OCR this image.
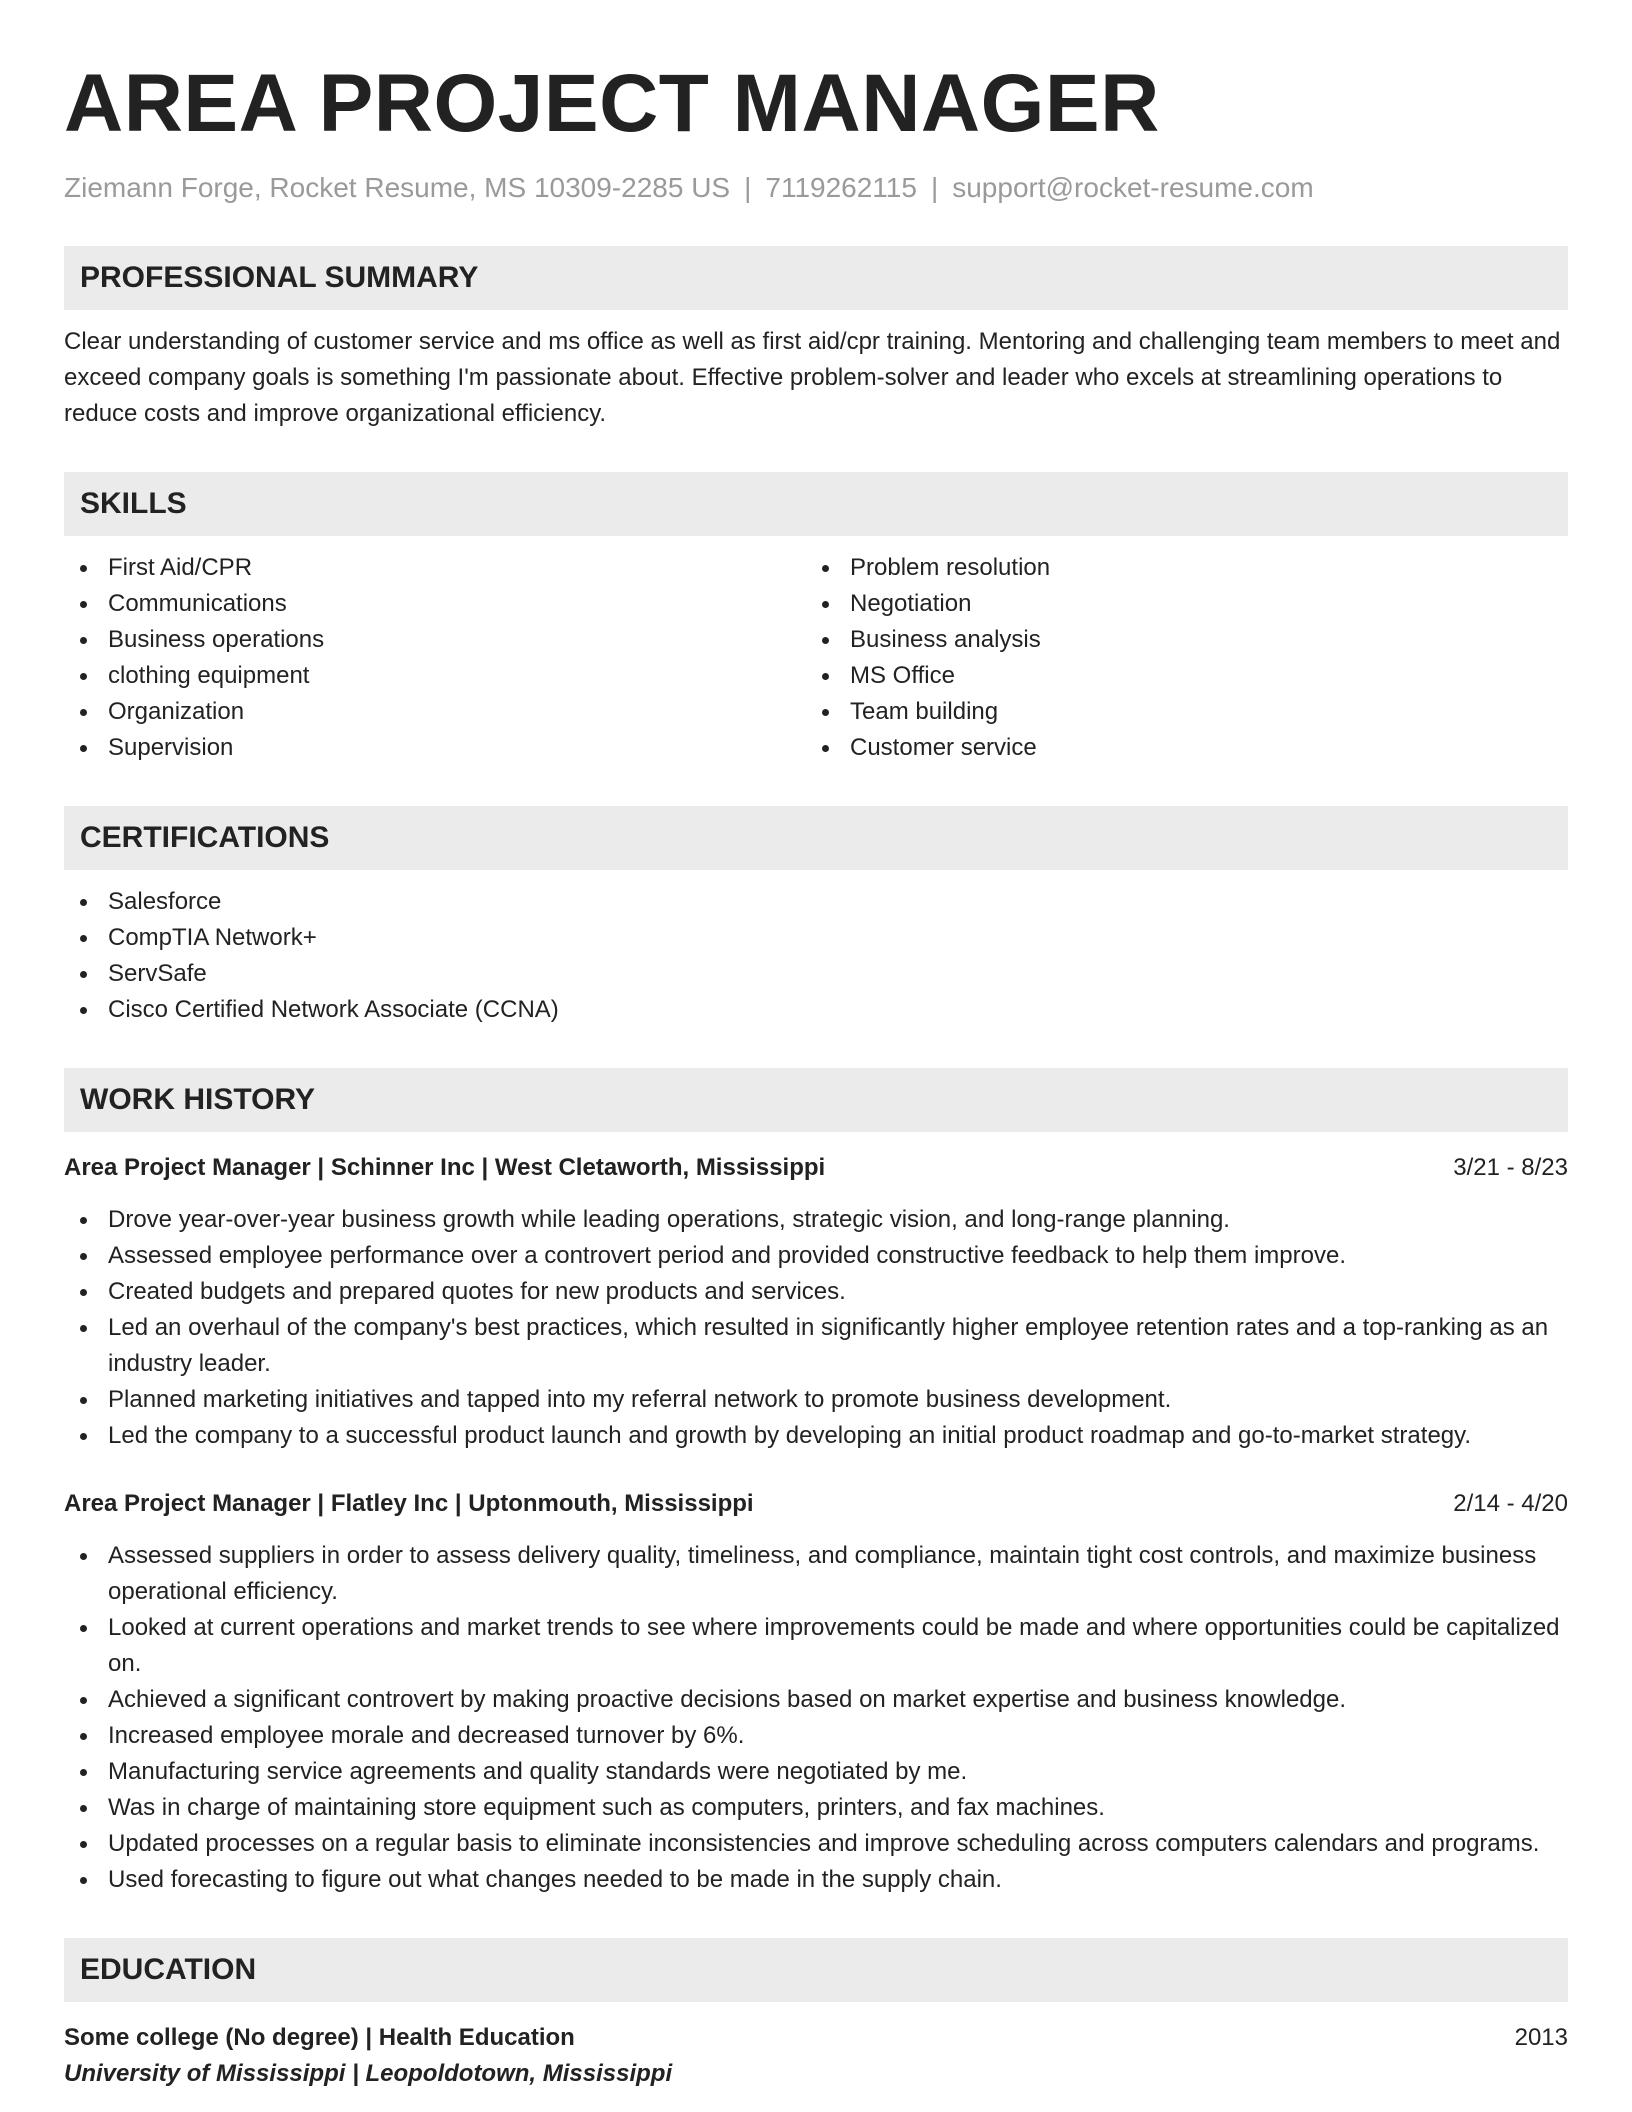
AREA PROJECT MANAGER
Ziemann Forge, Rocket Resume, MS 10309-2285 US | 7119262115 | support@rocket-resume.com
PROFESSIONAL SUMMARY

Clear understanding of customer service and ms office as well as first aid/cpr training. Mentoring and challenging team members to meet and exceed company goals is something I'm passionate about. Effective problem-solver and leader who excels at streamlining operations to reduce costs and improve organizational efficiency.

SKILLS
First Aid/CPR
Communications
Business operations
clothing equipment
Organization
Supervision
Problem resolution
Negotiation
Business analysis
MS Office
Team building
Customer service
CERTIFICATIONS
Salesforce
CompTIA Network+
ServSafe
Cisco Certified Network Associate (CCNA)
WORK HISTORY
Area Project Manager | Schinner Inc | West Cletaworth, Mississippi	3/21 - 8/23
Drove year-over-year business growth while leading operations, strategic vision, and long-range planning.
Assessed employee performance over a controvert period and provided constructive feedback to help them improve.
Created budgets and prepared quotes for new products and services.
Led an overhaul of the company's best practices, which resulted in significantly higher employee retention rates and a top-ranking as an industry leader.
Planned marketing initiatives and tapped into my referral network to promote business development.
Led the company to a successful product launch and growth by developing an initial product roadmap and go-to-market strategy.
Area Project Manager | Flatley Inc | Uptonmouth, Mississippi	2/14 - 4/20
Assessed suppliers in order to assess delivery quality, timeliness, and compliance, maintain tight cost controls, and maximize business operational efficiency.
Looked at current operations and market trends to see where improvements could be made and where opportunities could be capitalized on.
Achieved a significant controvert by making proactive decisions based on market expertise and business knowledge.
Increased employee morale and decreased turnover by 6%.
Manufacturing service agreements and quality standards were negotiated by me.
Was in charge of maintaining store equipment such as computers, printers, and fax machines.
Updated processes on a regular basis to eliminate inconsistencies and improve scheduling across computers calendars and programs.
Used forecasting to figure out what changes needed to be made in the supply chain.
EDUCATION
Some college (No degree) | Health Education	2013
University of Mississippi | Leopoldotown, Mississippi
